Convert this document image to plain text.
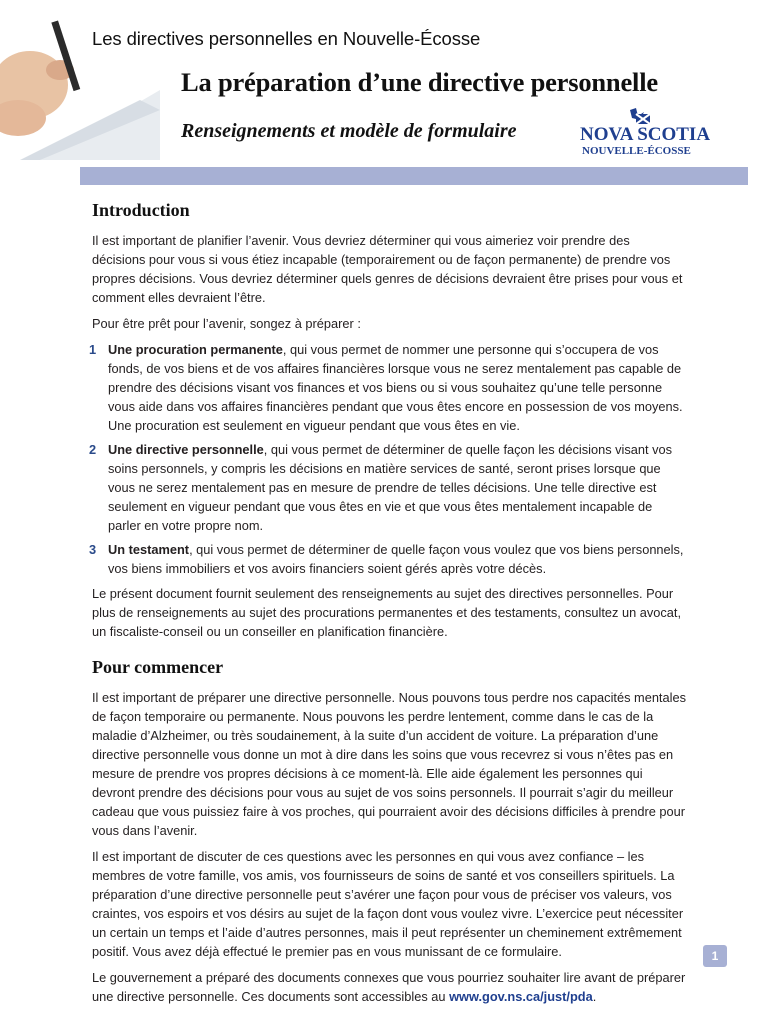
Les directives personnelles en Nouvelle-Écosse
La préparation d’une directive personnelle
Renseignements et modèle de formulaire	NOVA SCOTIA
NOUVELLE-ÉCOSSE
Introduction

Il est important de planifier l’avenir. Vous devriez déterminer qui vous aimeriez voir prendre des décisions pour vous si vous étiez incapable (temporairement ou de façon permanente) de prendre vos propres décisions. Vous devriez déterminer quels genres de décisions devraient être prises pour vous et comment elles devraient l’être.

Pour être prêt pour l’avenir, songez à préparer :

1 Une procuration permanente, qui vous permet de nommer une personne qui s’occupera de vos fonds, de vos biens et de vos affaires financières lorsque vous ne serez mentalement pas capable de prendre des décisions visant vos finances et vos biens ou si vous souhaitez qu’une telle personne vous aide dans vos affaires financières pendant que vous êtes encore en possession de vos moyens. Une procuration est seulement en vigueur pendant que vous êtes en vie.
2 Une directive personnelle, qui vous permet de déterminer de quelle façon les décisions visant vos soins personnels, y compris les décisions en matière services de santé, seront prises lorsque que vous ne serez mentalement pas en mesure de prendre de telles décisions. Une telle directive est seulement en vigueur pendant que vous êtes en vie et que vous êtes mentalement incapable de parler en votre propre nom.
3 Un testament, qui vous permet de déterminer de quelle façon vous voulez que vos biens personnels, vos biens immobiliers et vos avoirs financiers soient gérés après votre décès.

Le présent document fournit seulement des renseignements au sujet des directives personnelles. Pour plus de renseignements au sujet des procurations permanentes et des testaments, consultez un avocat, un fiscaliste-conseil ou un conseiller en planification financière.

Pour commencer

Il est important de préparer une directive personnelle. Nous pouvons tous perdre nos capacités mentales de façon temporaire ou permanente. Nous pouvons les perdre lentement, comme dans le cas de la maladie d’Alzheimer, ou très soudainement, à la suite d’un accident de voiture. La préparation d’une directive personnelle vous donne un mot à dire dans les soins que vous recevrez si vous n’êtes pas en mesure de prendre vos propres décisions à ce moment-là. Elle aide également les personnes qui devront prendre des décisions pour vous au sujet de vos soins personnels. Il pourrait s’agir du meilleur cadeau que vous puissiez faire à vos proches, qui pourraient avoir des décisions difficiles à prendre pour vous dans l’avenir.

Il est important de discuter de ces questions avec les personnes en qui vous avez confiance – les membres de votre famille, vos amis, vos fournisseurs de soins de santé et vos conseillers spirituels. La préparation d’une directive personnelle peut s’avérer une façon pour vous de préciser vos valeurs, vos craintes, vos espoirs et vos désirs au sujet de la façon dont vous voulez vivre. L’exercice peut nécessiter un certain un temps et l’aide d’autres personnes, mais il peut représenter un cheminement extrêmement positif. Vous avez déjà effectué le premier pas en vous munissant de ce formulaire.

Le gouvernement a préparé des documents connexes que vous pourriez souhaiter lire avant de préparer une directive personnelle. Ces documents sont accessibles au www.gov.ns.ca/just/pda.

1
